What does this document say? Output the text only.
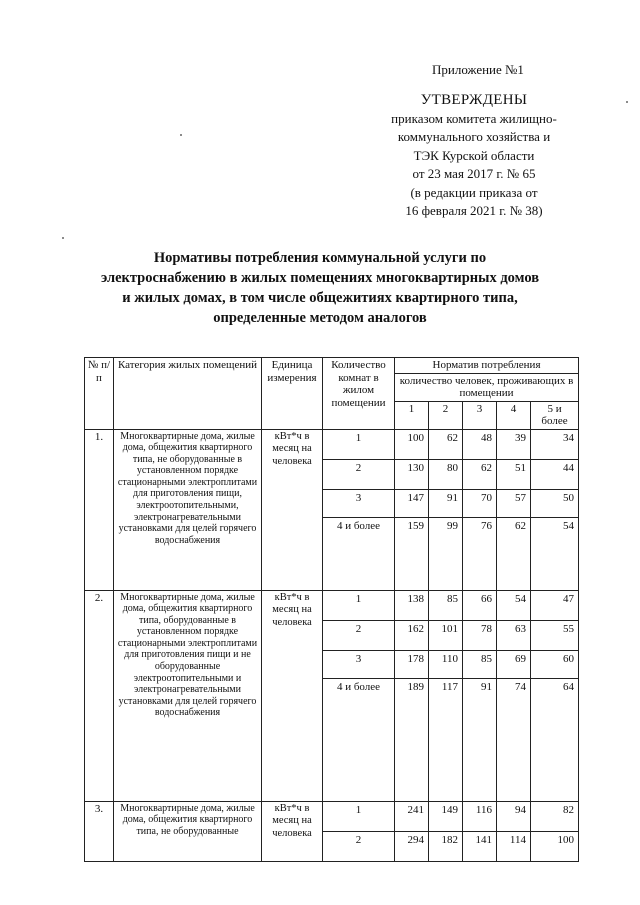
Приложение №1
УТВЕРЖДЕНЫ
приказом комитета жилищно-
коммунального хозяйства и
ТЭК Курской области
от 23 мая 2017 г. № 65
(в редакции приказа от
16 февраля 2021 г. № 38)
Нормативы потребления коммунальной услуги по
электроснабжению в жилых помещениях многоквартирных домов
и жилых домах, в том числе общежитиях квартирного типа,
определенные методом аналогов
№ п/п	Категория жилых помещений	Единица измерения	Количество комнат в жилом помещении	Норматив потребления				
				количество человек, проживающих в помещении				
				1	2	3	4	5 и более
1.	Многоквартирные дома, жилые дома, общежития квартирного типа, не оборудованные в установленном порядке стационарными электроплитами для приготовления пищи, электроотопительными, электронагревательными установками для целей горячего водоснабжения	кВт*ч в месяц на человека	1	100	62	48	39	34
			2	130	80	62	51	44
			3	147	91	70	57	50
			4 и более	159	99	76	62	54
2.	Многоквартирные дома, жилые дома, общежития квартирного типа, оборудованные в установленном порядке стационарными электроплитами для приготовления пищи и не оборудованные электроотопительными и электронагревательными установками для целей горячего водоснабжения	кВт*ч в месяц на человека	1	138	85	66	54	47
			2	162	101	78	63	55
			3	178	110	85	69	60
			4 и более	189	117	91	74	64
3.	Многоквартирные дома, жилые дома, общежития квартирного типа, не оборудованные	кВт*ч в месяц на человека	1	241	149	116	94	82
			2	294	182	141	114	100
